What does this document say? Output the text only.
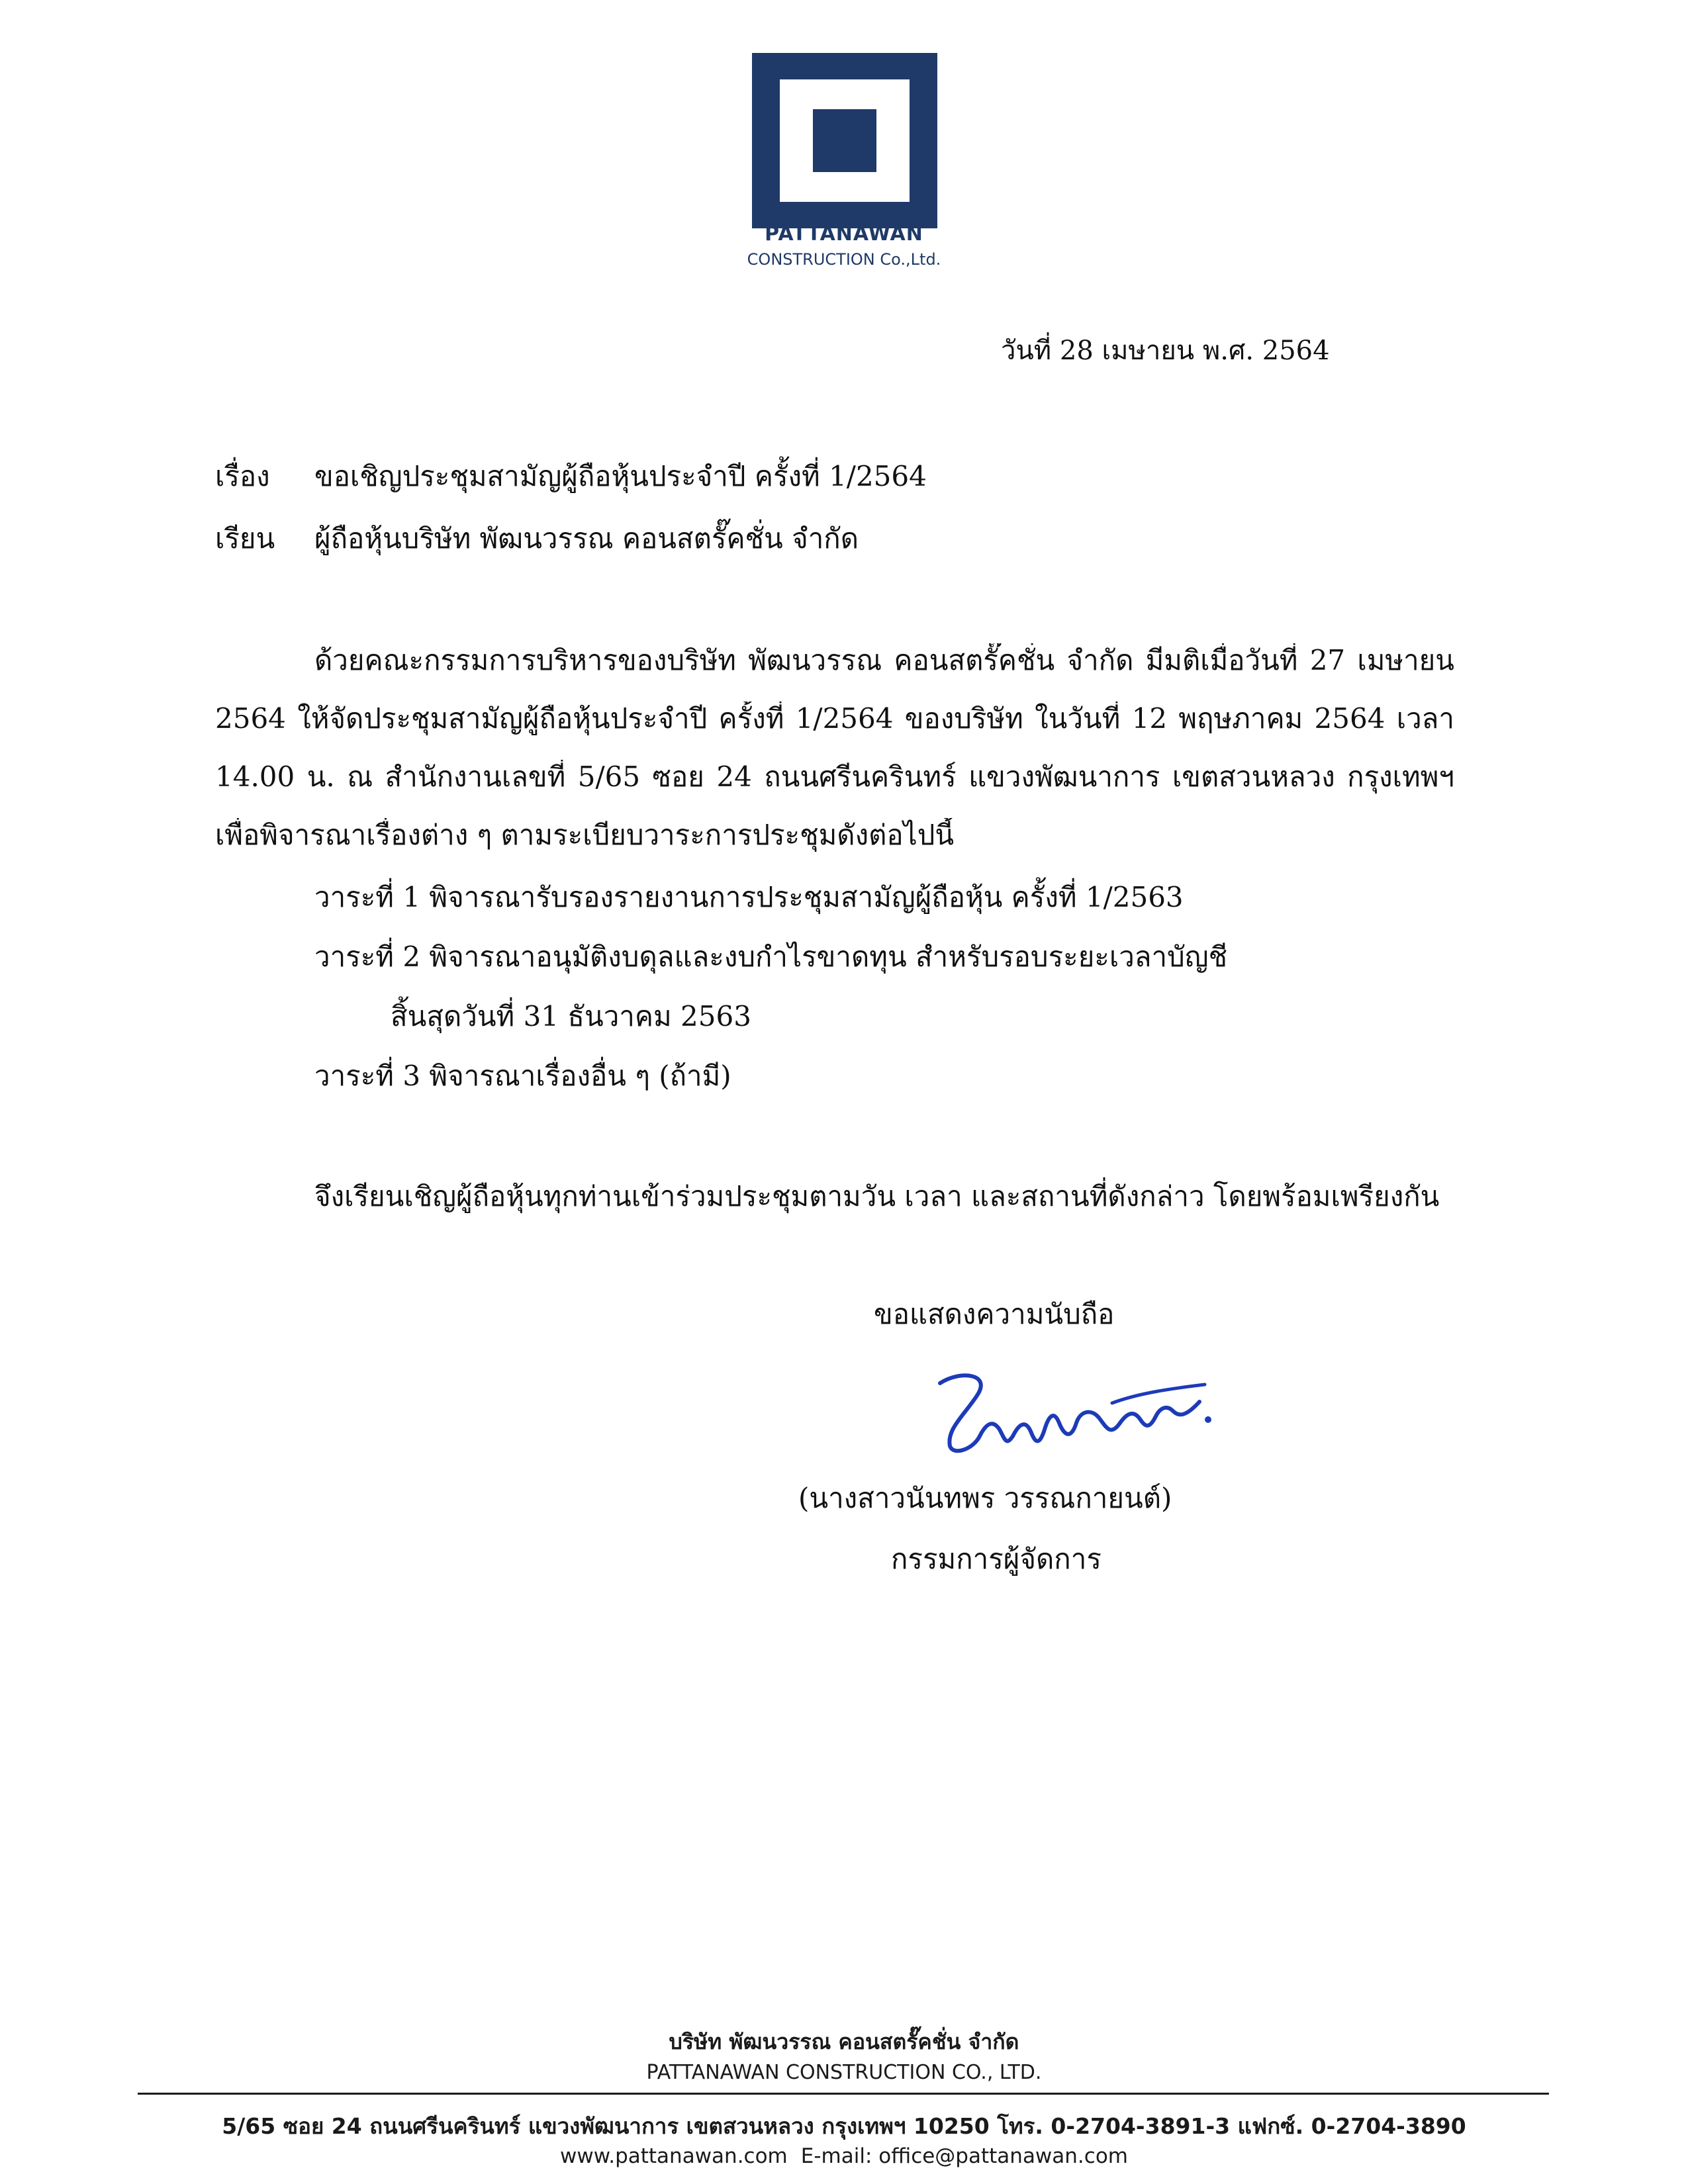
PATTANAWAN
CONSTRUCTION Co.,Ltd.
วันที่ 28 เมษายน พ.ศ. 2564
เรื่อง ขอเชิญประชุมสามัญผู้ถือหุ้นประจำปี ครั้งที่ 1/2564
เรียน ผู้ถือหุ้นบริษัท พัฒนวรรณ คอนสตรั๊คชั่น จำกัด
ด้วยคณะกรรมการบริหารของบริษัท พัฒนวรรณ คอนสตรั๊คชั่น จำกัด มีมติเมื่อวันที่ 27 เมษายน
2564 ให้จัดประชุมสามัญผู้ถือหุ้นประจำปี ครั้งที่ 1/2564 ของบริษัท ในวันที่ 12 พฤษภาคม 2564 เวลา
14.00 น. ณ สำนักงานเลขที่ 5/65 ซอย 24 ถนนศรีนครินทร์ แขวงพัฒนาการ เขตสวนหลวง กรุงเทพฯ
เพื่อพิจารณาเรื่องต่าง ๆ ตามระเบียบวาระการประชุมดังต่อไปนี้
วาระที่ 1 พิจารณารับรองรายงานการประชุมสามัญผู้ถือหุ้น ครั้งที่ 1/2563
วาระที่ 2 พิจารณาอนุมัติงบดุลและงบกำไรขาดทุน สำหรับรอบระยะเวลาบัญชี
สิ้นสุดวันที่ 31 ธันวาคม 2563
วาระที่ 3 พิจารณาเรื่องอื่น ๆ (ถ้ามี)
จึงเรียนเชิญผู้ถือหุ้นทุกท่านเข้าร่วมประชุมตามวัน เวลา และสถานที่ดังกล่าว โดยพร้อมเพรียงกัน
ขอแสดงความนับถือ
(นางสาวนันทพร วรรณกายนต์)
กรรมการผู้จัดการ
บริษัท พัฒนวรรณ คอนสตรั๊คชั่น จำกัด
PATTANAWAN CONSTRUCTION CO., LTD.
5/65 ซอย 24 ถนนศรีนครินทร์ แขวงพัฒนาการ เขตสวนหลวง กรุงเทพฯ 10250 โทร. 0-2704-3891-3 แฟกซ์. 0-2704-3890
www.pattanawan.com E-mail: office@pattanawan.com
